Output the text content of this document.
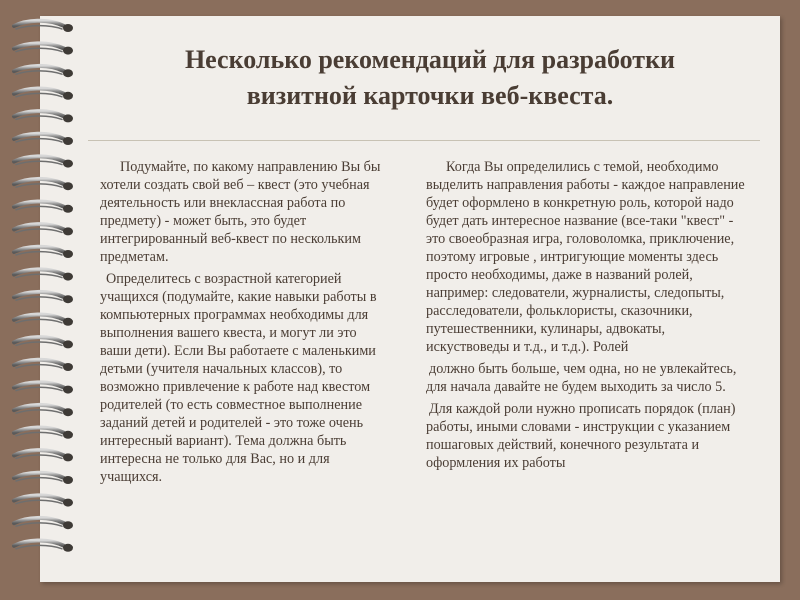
Несколько рекомендаций для разработки
визитной карточки веб-квеста.

Подумайте, по какому направлению Вы бы хотели создать свой веб – квест (это учебная деятельность или внеклассная работа по предмету) - может быть, это будет интегрированный веб-квест по нескольким предметам.

Определитесь с возрастной категорией учащихся (подумайте, какие навыки работы в компьютерных программах необходимы для выполнения вашего квеста, и могут ли это ваши дети). Если Вы работаете с маленькими детьми (учителя начальных классов), то возможно привлечение к работе над квестом родителей (то есть совместное выполнение заданий детей и родителей - это тоже очень интересный вариант). Тема должна быть интересна не только для Вас, но и для учащихся.

Когда Вы определились с темой, необходимо выделить направления работы - каждое направление будет оформлено в конкретную роль, которой надо будет дать интересное название (все-таки "квест" - это своеобразная игра, головоломка, приключение, поэтому игровые , интригующие моменты здесь просто необходимы, даже в названий ролей, например: следователи, журналисты, следопыты, расследователи, фольклористы, сказочники, путешественники, кулинары, адвокаты, искуствоведы и т.д., и т.д.). Ролей

должно быть больше, чем одна, но не увлекайтесь, для начала давайте не будем выходить за число 5.

Для каждой роли нужно прописать порядок (план) работы, иными словами - инструкции с указанием пошаговых действий, конечного результата и оформления их работы
